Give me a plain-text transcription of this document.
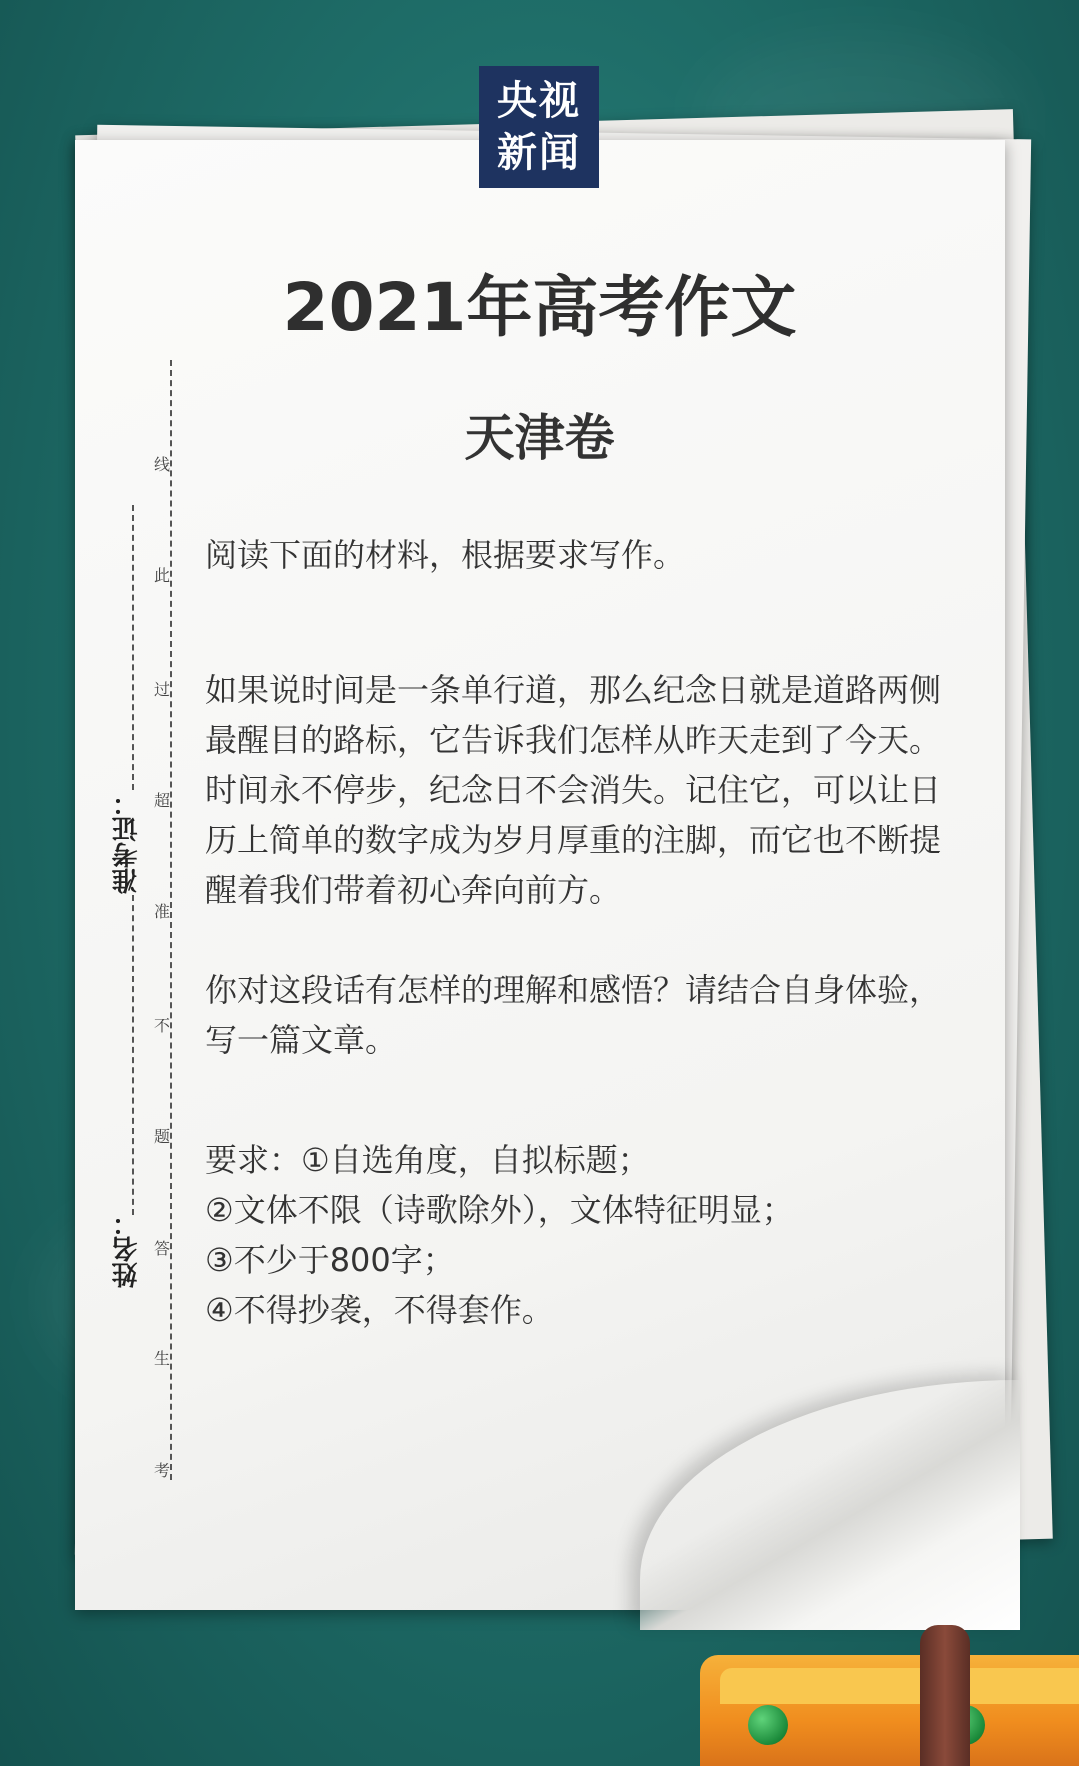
央视
新闻
2021年高考作文
天津卷

阅读下面的材料，根据要求写作。

如果说时间是一条单行道，那么纪念日就是道路两侧最醒目的路标，它告诉我们怎样从昨天走到了今天。时间永不停步，纪念日不会消失。记住它，可以让日历上简单的数字成为岁月厚重的注脚，而它也不断提醒着我们带着初心奔向前方。

你对这段话有怎样的理解和感悟？请结合自身体验，写一篇文章。

要求：①自选角度，自拟标题；
②文体不限（诗歌除外），文体特征明显；
③不少于800字；
④不得抄袭，不得套作。
线
此
过
超
准
不
题
答
生
考
准考证：
姓名：
